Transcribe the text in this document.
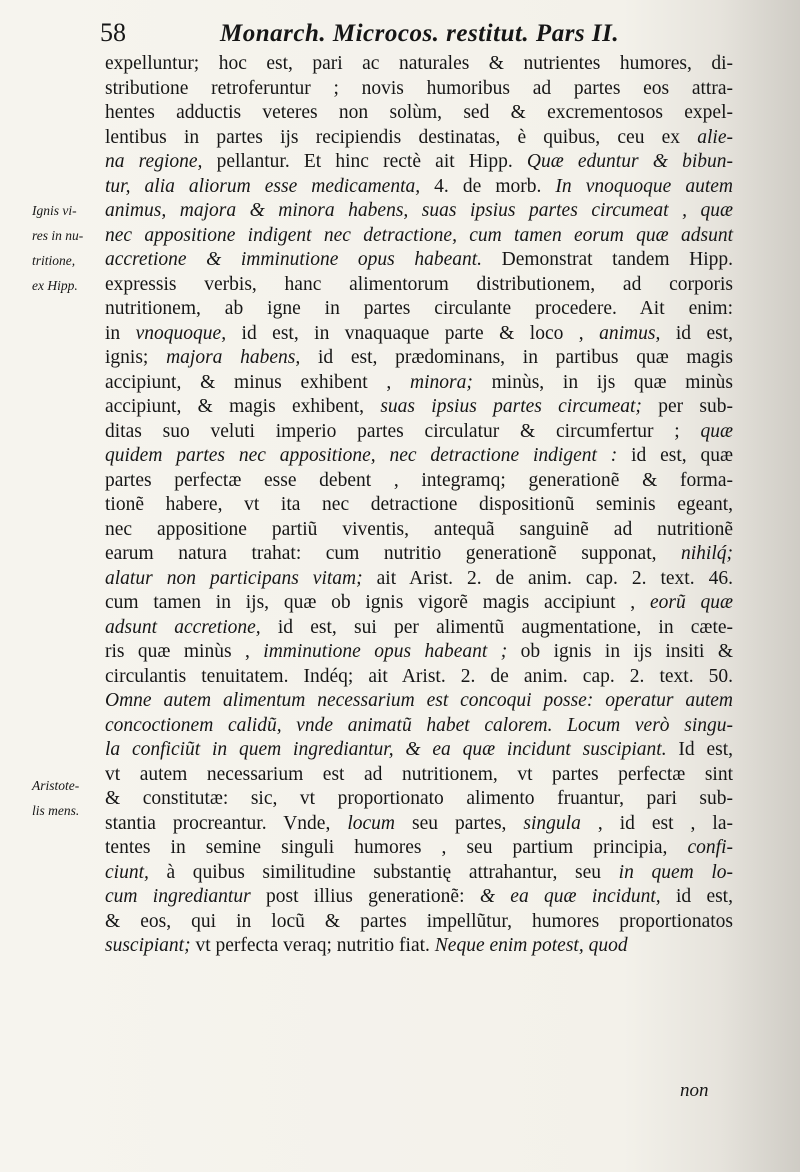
58	Monarch. Microcos. restitut. Pars II.
Ignis vi-
res in nu-
tritione,
ex Hipp.
Aristote-
lis mens.
expelluntur; hoc est, pari ac naturales & nutrientes humores, di-
stributione retroferuntur ; novis humoribus ad partes eos attra-
hentes adductis veteres non solùm, sed & excrementosos expel-
lentibus in partes ijs recipiendis destinatas, è quibus, ceu ex alie-
na regione, pellantur. Et hinc rectè ait Hipp. Quæ eduntur & bibun-
tur, alia aliorum esse medicamenta, 4. de morb. In vnoquoque autem
animus, majora & minora habens, suas ipsius partes circumeat , quæ
nec appositione indigent nec detractione, cum tamen eorum quæ adsunt
accretione & imminutione opus habeant. Demonstrat tandem Hipp.
expressis verbis, hanc alimentorum distributionem, ad corporis
nutritionem, ab igne in partes circulante procedere. Ait enim:
in vnoquoque, id est, in vnaquaque parte & loco , animus, id est,
ignis; majora habens, id est, prædominans, in partibus quæ magis
accipiunt, & minus exhibent , minora; minùs, in ijs quæ minùs
accipiunt, & magis exhibent, suas ipsius partes circumeat; per sub-
ditas suo veluti imperio partes circulatur & circumfertur ; quæ
quidem partes nec appositione, nec detractione indigent : id est, quæ
partes perfectæ esse debent , integramq; generationẽ & forma-
tionẽ habere, vt ita nec detractione dispositionũ seminis egeant,
nec appositione partiũ viventis, antequã sanguinẽ ad nutritionẽ
earum natura trahat: cum nutritio generationẽ supponat, nihilq́;
alatur non participans vitam; ait Arist. 2. de anim. cap. 2. text. 46.
cum tamen in ijs, quæ ob ignis vigorẽ magis accipiunt , eorũ quæ
adsunt accretione, id est, sui per alimentũ augmentatione, in cæte-
ris quæ minùs , imminutione opus habeant ; ob ignis in ijs insiti &
circulantis tenuitatem. Indéq; ait Arist. 2. de anim. cap. 2. text. 50.
Omne autem alimentum necessarium est concoqui posse: operatur autem
concoctionem calidũ, vnde animatũ habet calorem. Locum verò singu-
la conficiũt in quem ingrediantur, & ea quæ incidunt suscipiant. Id est,
vt autem necessarium est ad nutritionem, vt partes perfectæ sint
& constitutæ: sic, vt proportionato alimento fruantur, pari sub-
stantia procreantur. Vnde, locum seu partes, singula , id est , la-
tentes in semine singuli humores , seu partium principia, confi-
ciunt, à quibus similitudine substantię attrahantur, seu in quem lo-
cum ingrediantur post illius generationẽ: & ea quæ incidunt, id est,
& eos, qui in locũ & partes impellũtur, humores proportionatos
suscipiant; vt perfecta veraq; nutritio fiat. Neque enim potest, quod
non
